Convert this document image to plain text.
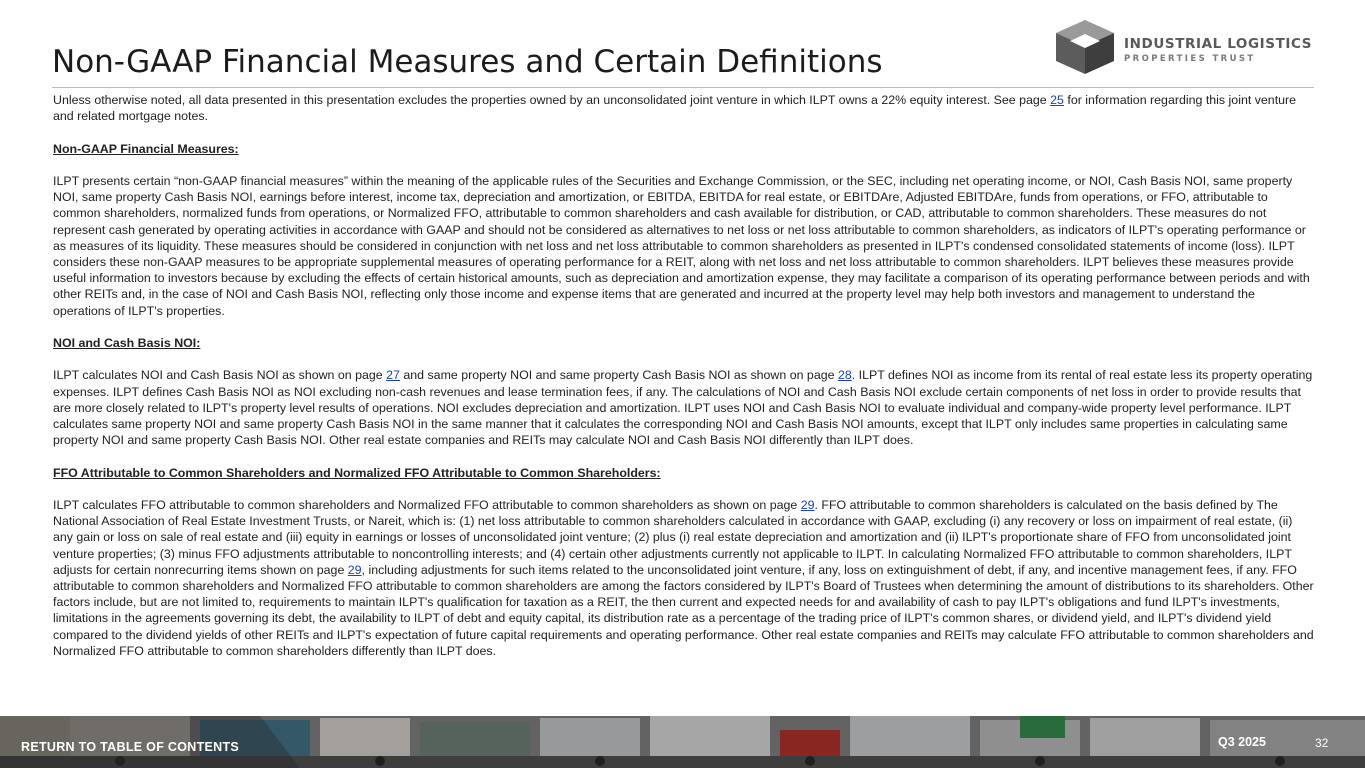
Non-GAAP Financial Measures and Certain Definitions	INDUSTRIAL LOGISTICS
PROPERTIES TRUST

Unless otherwise noted, all data presented in this presentation excludes the properties owned by an unconsolidated joint venture in which ILPT owns a 22% equity interest. See page 25 for information regarding this joint venture and related mortgage notes.

Non-GAAP Financial Measures:

ILPT presents certain “non-GAAP financial measures” within the meaning of the applicable rules of the Securities and Exchange Commission, or the SEC, including net operating income, or NOI, Cash Basis NOI, same property NOI, same property Cash Basis NOI, earnings before interest, income tax, depreciation and amortization, or EBITDA, EBITDA for real estate, or EBITDAre, Adjusted EBITDAre, funds from operations, or FFO, attributable to common shareholders, normalized funds from operations, or Normalized FFO, attributable to common shareholders and cash available for distribution, or CAD, attributable to common shareholders. These measures do not represent cash generated by operating activities in accordance with GAAP and should not be considered as alternatives to net loss or net loss attributable to common shareholders, as indicators of ILPT's operating performance or as measures of its liquidity. These measures should be considered in conjunction with net loss and net loss attributable to common shareholders as presented in ILPT's condensed consolidated statements of income (loss). ILPT considers these non-GAAP measures to be appropriate supplemental measures of operating performance for a REIT, along with net loss and net loss attributable to common shareholders. ILPT believes these measures provide useful information to investors because by excluding the effects of certain historical amounts, such as depreciation and amortization expense, they may facilitate a comparison of its operating performance between periods and with other REITs and, in the case of NOI and Cash Basis NOI, reflecting only those income and expense items that are generated and incurred at the property level may help both investors and management to understand the operations of ILPT's properties.

NOI and Cash Basis NOI:

ILPT calculates NOI and Cash Basis NOI as shown on page 27 and same property NOI and same property Cash Basis NOI as shown on page 28. ILPT defines NOI as income from its rental of real estate less its property operating expenses. ILPT defines Cash Basis NOI as NOI excluding non-cash revenues and lease termination fees, if any. The calculations of NOI and Cash Basis NOI exclude certain components of net loss in order to provide results that are more closely related to ILPT's property level results of operations. NOI excludes depreciation and amortization. ILPT uses NOI and Cash Basis NOI to evaluate individual and company-wide property level performance. ILPT calculates same property NOI and same property Cash Basis NOI in the same manner that it calculates the corresponding NOI and Cash Basis NOI amounts, except that ILPT only includes same properties in calculating same property NOI and same property Cash Basis NOI. Other real estate companies and REITs may calculate NOI and Cash Basis NOI differently than ILPT does.

FFO Attributable to Common Shareholders and Normalized FFO Attributable to Common Shareholders:

ILPT calculates FFO attributable to common shareholders and Normalized FFO attributable to common shareholders as shown on page 29. FFO attributable to common shareholders is calculated on the basis defined by The National Association of Real Estate Investment Trusts, or Nareit, which is: (1) net loss attributable to common shareholders calculated in accordance with GAAP, excluding (i) any recovery or loss on impairment of real estate, (ii) any gain or loss on sale of real estate and (iii) equity in earnings or losses of unconsolidated joint venture; (2) plus (i) real estate depreciation and amortization and (ii) ILPT's proportionate share of FFO from unconsolidated joint venture properties; (3) minus FFO adjustments attributable to noncontrolling interests; and (4) certain other adjustments currently not applicable to ILPT. In calculating Normalized FFO attributable to common shareholders, ILPT adjusts for certain nonrecurring items shown on page 29, including adjustments for such items related to the unconsolidated joint venture, if any, loss on extinguishment of debt, if any, and incentive management fees, if any. FFO attributable to common shareholders and Normalized FFO attributable to common shareholders are among the factors considered by ILPT's Board of Trustees when determining the amount of distributions to its shareholders. Other factors include, but are not limited to, requirements to maintain ILPT's qualification for taxation as a REIT, the then current and expected needs for and availability of cash to pay ILPT's obligations and fund ILPT's investments, limitations in the agreements governing its debt, the availability to ILPT of debt and equity capital, its distribution rate as a percentage of the trading price of ILPT's common shares, or dividend yield, and ILPT's dividend yield compared to the dividend yields of other REITs and ILPT's expectation of future capital requirements and operating performance. Other real estate companies and REITs may calculate FFO attributable to common shareholders and Normalized FFO attributable to common shareholders differently than ILPT does.

RETURN TO TABLE OF CONTENTS	Q3 2025	32
